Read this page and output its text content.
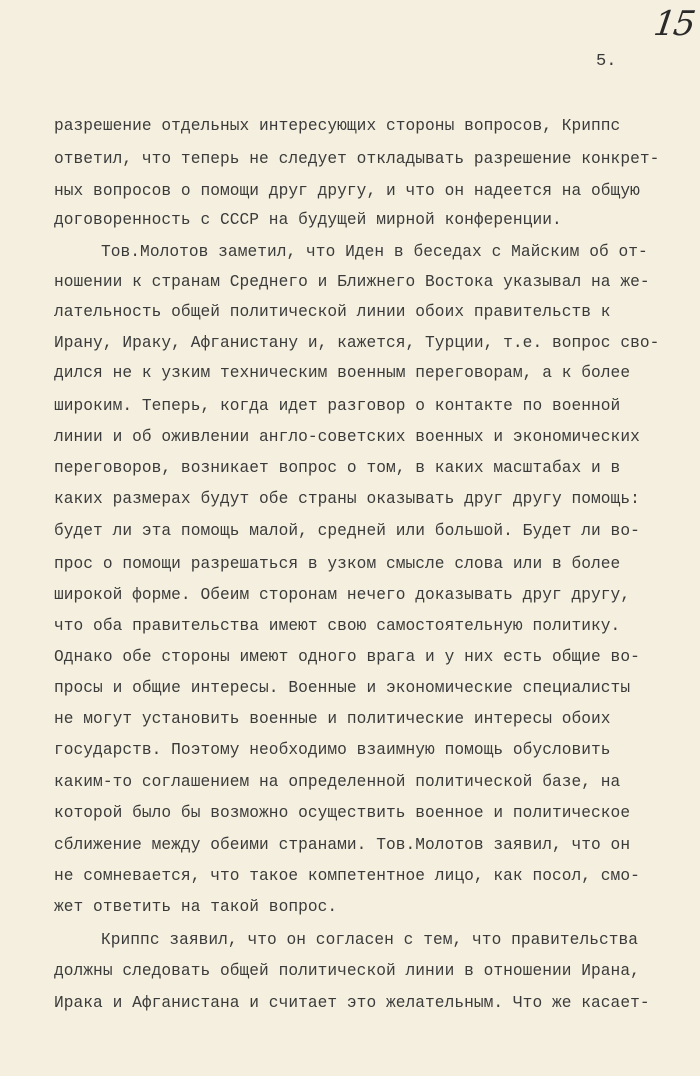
15
5.
разрешение отдельных интересующих стороны вопросов, Криппс
ответил, что теперь не следует откладывать разрешение конкрет-
ных вопросов о помощи друг другу, и что он надеется на общую
договоренность с СССР на будущей мирной конференции.
Тов.Молотов заметил, что Иден в беседах с Майским об от-
ношении к странам Среднего и Ближнего Востока указывал на же-
лательность общей политической линии обоих правительств к
Ирану, Ираку, Афганистану и, кажется, Турции, т.е. вопрос сво-
дился не к узким техническим военным переговорам, а к более
широким. Теперь, когда идет разговор о контакте по военной
линии и об оживлении англо-советских военных и экономических
переговоров, возникает вопрос о том, в каких масштабах и в
каких размерах будут обе страны оказывать друг другу помощь:
будет ли эта помощь малой, средней или большой. Будет ли во-
прос о помощи разрешаться в узком смысле слова или в более
широкой форме. Обеим сторонам нечего доказывать друг другу,
что оба правительства имеют свою самостоятельную политику.
Однако обе стороны имеют одного врага и у них есть общие во-
просы и общие интересы. Военные и экономические специалисты
не могут установить военные и политические интересы обоих
государств. Поэтому необходимо взаимную помощь обусловить
каким-то соглашением на определенной политической базе, на
которой было бы возможно осуществить военное и политическое
сближение между обеими странами. Тов.Молотов заявил, что он
не сомневается, что такое компетентное лицо, как посол, смо-
жет ответить на такой вопрос.
Криппс заявил, что он согласен с тем, что правительства
должны следовать общей политической линии в отношении Ирана,
Ирака и Афганистана и считает это желательным. Что же касает-
